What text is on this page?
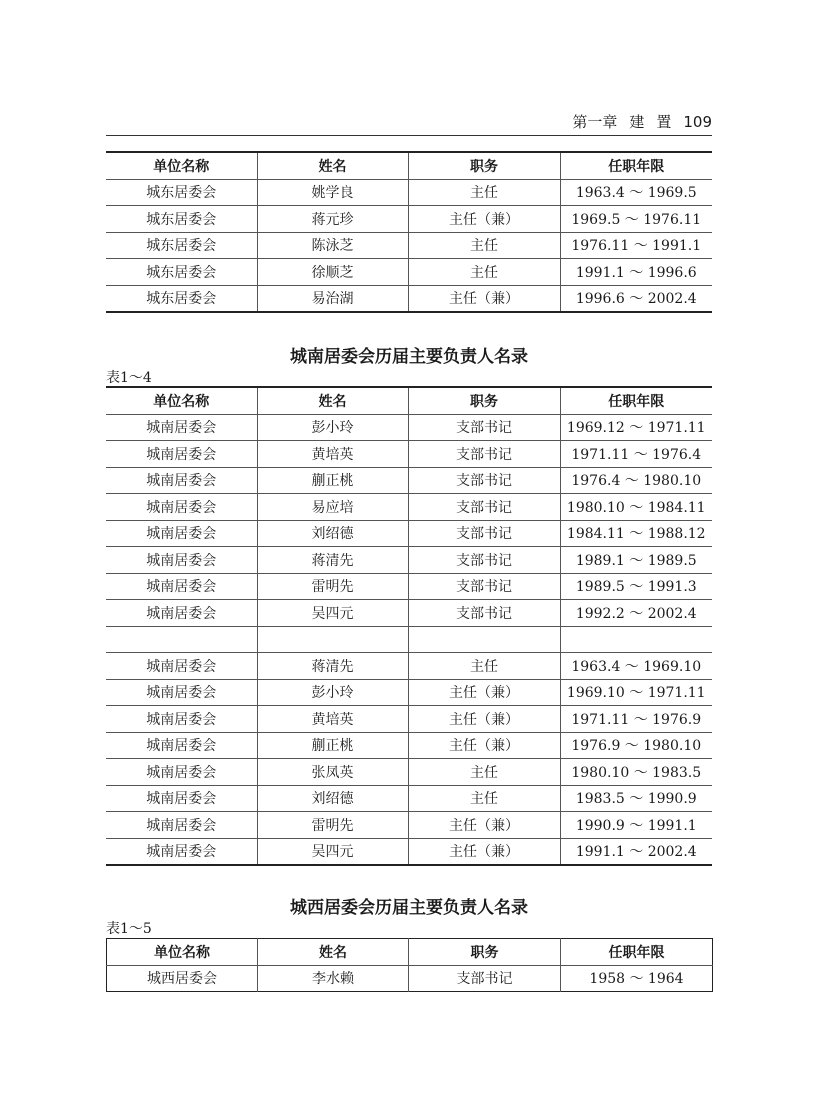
第一章 建 置 109
单位名称	姓名	职务	任职年限
城东居委会	姚学良	主任	1963.4 ～ 1969.5
城东居委会	蒋元珍	主任（兼）	1969.5 ～ 1976.11
城东居委会	陈泳芝	主任	1976.11 ～ 1991.1
城东居委会	徐顺芝	主任	1991.1 ～ 1996.6
城东居委会	易治湖	主任（兼）	1996.6 ～ 2002.4
城南居委会历届主要负责人名录
表1～4
单位名称	姓名	职务	任职年限
城南居委会	彭小玲	支部书记	1969.12 ～ 1971.11
城南居委会	黄培英	支部书记	1971.11 ～ 1976.4
城南居委会	蒯正桃	支部书记	1976.4 ～ 1980.10
城南居委会	易应培	支部书记	1980.10 ～ 1984.11
城南居委会	刘绍德	支部书记	1984.11 ～ 1988.12
城南居委会	蒋清先	支部书记	1989.1 ～ 1989.5
城南居委会	雷明先	支部书记	1989.5 ～ 1991.3
城南居委会	吴四元	支部书记	1992.2 ～ 2002.4

城南居委会	蒋清先	主任	1963.4 ～ 1969.10
城南居委会	彭小玲	主任（兼）	1969.10 ～ 1971.11
城南居委会	黄培英	主任（兼）	1971.11 ～ 1976.9
城南居委会	蒯正桃	主任（兼）	1976.9 ～ 1980.10
城南居委会	张凤英	主任	1980.10 ～ 1983.5
城南居委会	刘绍德	主任	1983.5 ～ 1990.9
城南居委会	雷明先	主任（兼）	1990.9 ～ 1991.1
城南居委会	吴四元	主任（兼）	1991.1 ～ 2002.4
城西居委会历届主要负责人名录
表1～5
单位名称	姓名	职务	任职年限
城西居委会	李水赖	支部书记	1958 ～ 1964
